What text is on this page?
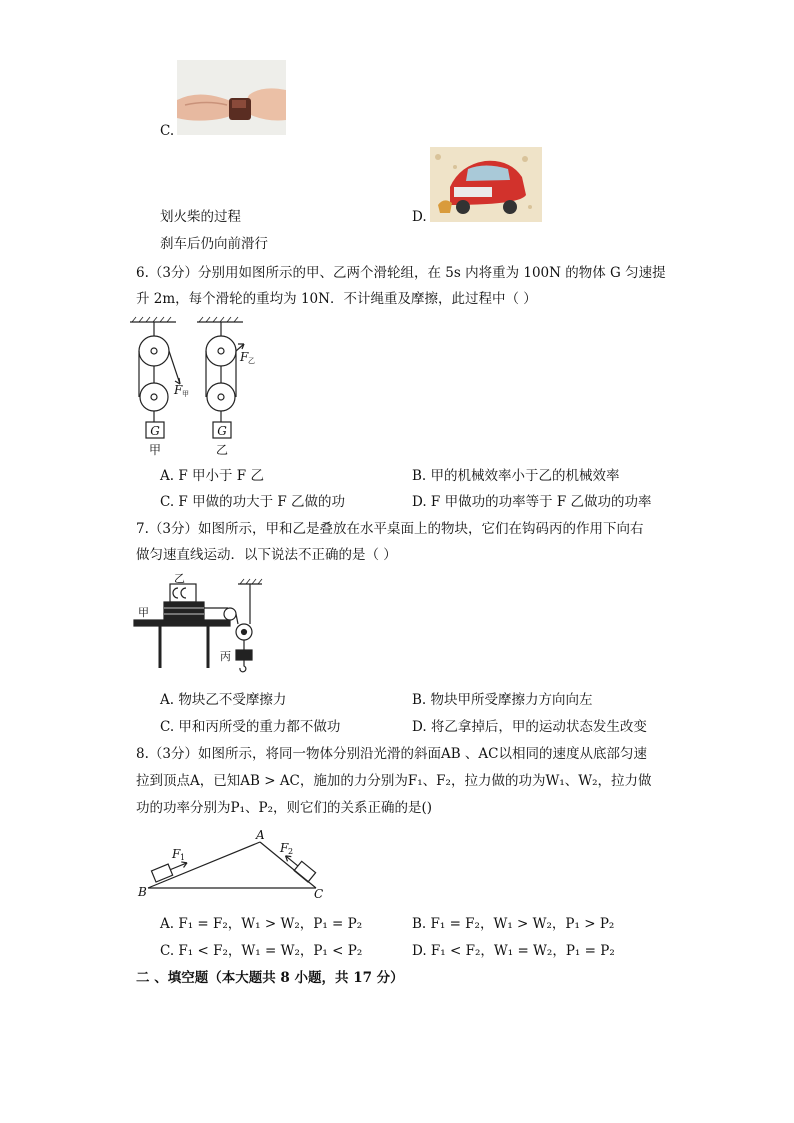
C.
划火柴的过程	D.
刹车后仍向前滑行
6.（3分）分别用如图所示的甲、乙两个滑轮组，在 5s 内将重为 100N 的物体 G 匀速提
升 2m，每个滑轮的重均为 10N．不计绳重及摩擦，此过程中（ ）
G	G
F 甲
F 乙
甲	乙
A. F 甲小于 F 乙	B. 甲的机械效率小于乙的机械效率
C. F 甲做的功大于 F 乙做的功	D. F 甲做功的功率等于 F 乙做功的功率
7.（3分）如图所示，甲和乙是叠放在水平桌面上的物块，它们在钩码丙的作用下向右
做匀速直线运动．以下说法不正确的是（ ）
乙
甲
丙
A. 物块乙不受摩擦力	B. 物块甲所受摩擦力方向向左
C. 甲和丙所受的重力都不做功	D. 将乙拿掉后，甲的运动状态发生改变
8.（3分）如图所示，将同一物体分别沿光滑的斜面AB 、AC以相同的速度从底部匀速
拉到顶点A，已知AB > AC，施加的力分别为F₁、F₂，拉力做的功为W₁、W₂，拉力做
功的功率分别为P₁、P₂，则它们的关系正确的是()
A
B	C
F	F
1
2
A. F₁ = F₂，W₁ > W₂，P₁ = P₂	B. F₁ = F₂，W₁ > W₂，P₁ > P₂
C. F₁ < F₂，W₁ = W₂，P₁ < P₂	D. F₁ < F₂，W₁ = W₂，P₁ = P₂
二 、填空题（本大题共 8 小题，共 17 分）
